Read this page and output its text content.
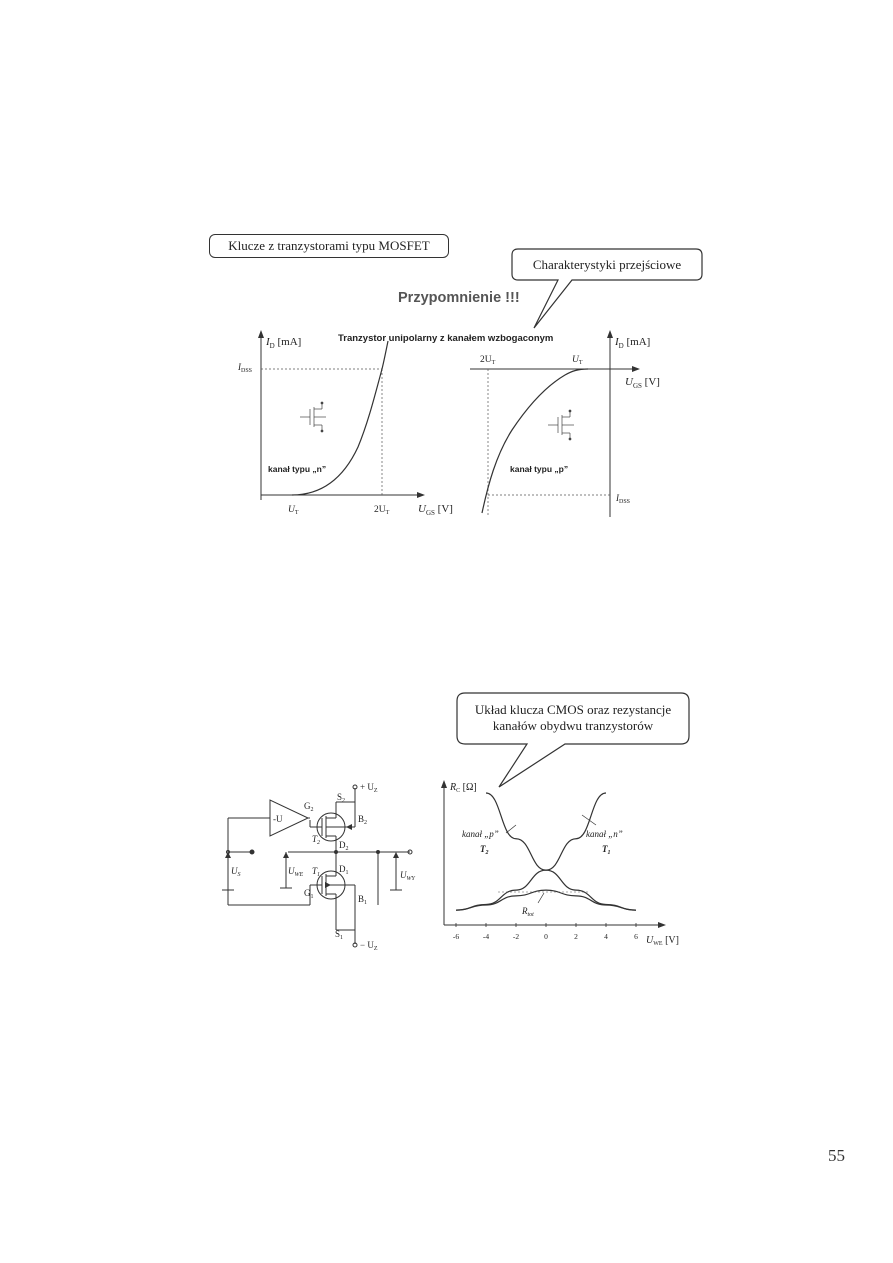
Klucze z tranzystorami typu MOSFET
Charakterystyki przejściowe
Przypomnienie !!!
Tranzystor unipolarny z kanałem wzbogaconym
$I_D$ [mA]
$I_{DSS}$
$U_T$	$2U_T$	$U_{GS}$ [V]
kanał typu „n”
$I_D$ [mA]
$2U_T$	$U_T$
$U_{GS}$ [V]
$I_{DSS}$
kanał typu „p”
Układ klucza CMOS oraz rezystancje
kanałów obydwu tranzystorów
+ $U_Z$
− $U_Z$
-U
$S_2$
$G_2$
$B_2$
$T_2$ $D_2$
$D_1$
$T_1$
$G_1$	$B_1$
$S_1$
$U_S$	$U_{WE}$	$U_{WY}$
$R_C$ [Ω]
$U_{WE}$ [V]
-6	-4	-2	0	2	4	6
kanał „p”
$T_2$
kanał „n”
$T_1$
$R_{tot}$
55
